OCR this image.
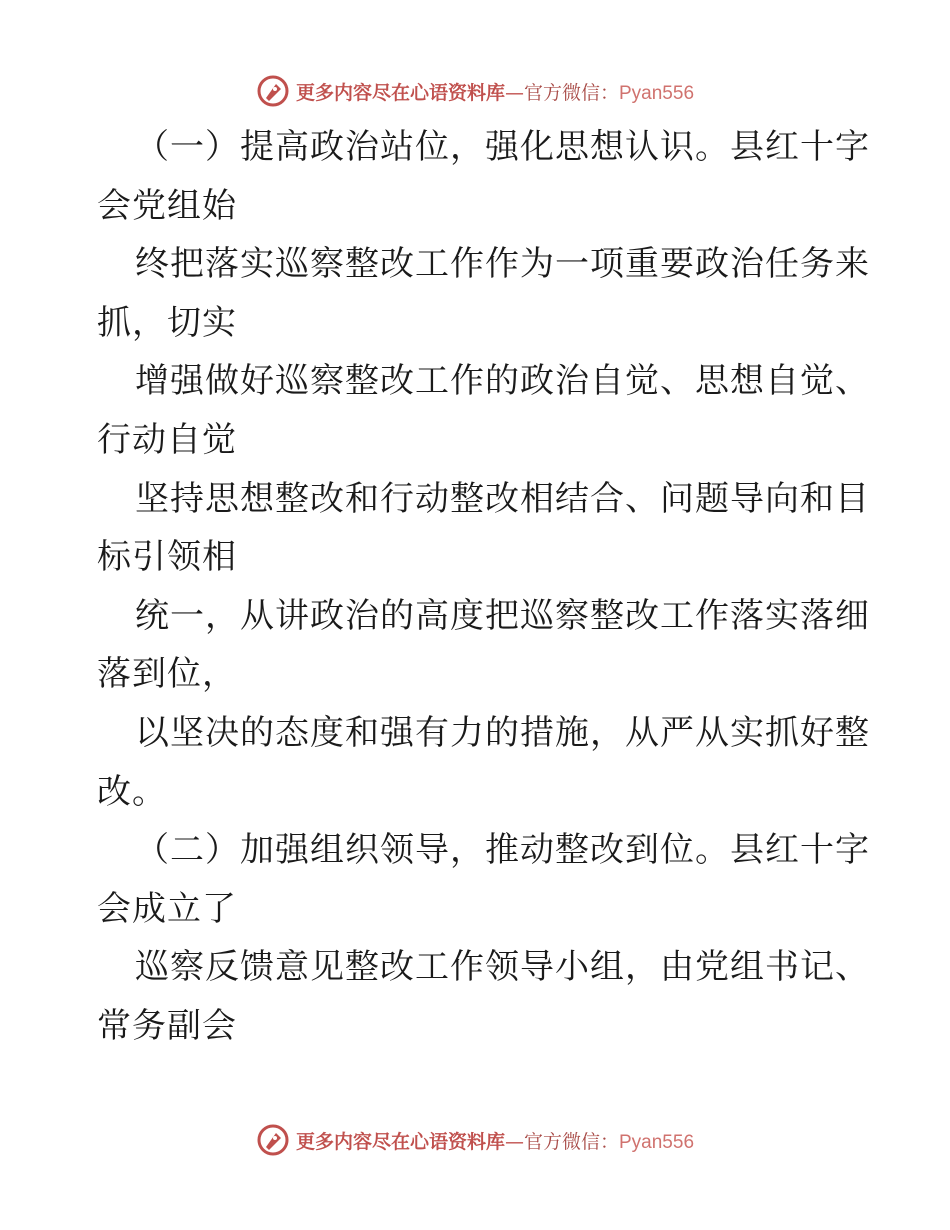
更多内容尽在心语资料库—官方微信：Pyan556
（一）提高政治站位，强化思想认识。县红十字
会党组始
终把落实巡察整改工作作为一项重要政治任务来
抓，切实
增强做好巡察整改工作的政治自觉、思想自觉、
行动自觉
坚持思想整改和行动整改相结合、问题导向和目
标引领相
统一，从讲政治的高度把巡察整改工作落实落细
落到位，
以坚决的态度和强有力的措施，从严从实抓好整
改。
（二）加强组织领导，推动整改到位。县红十字
会成立了
巡察反馈意见整改工作领导小组，由党组书记、
常务副会
更多内容尽在心语资料库—官方微信：Pyan556
